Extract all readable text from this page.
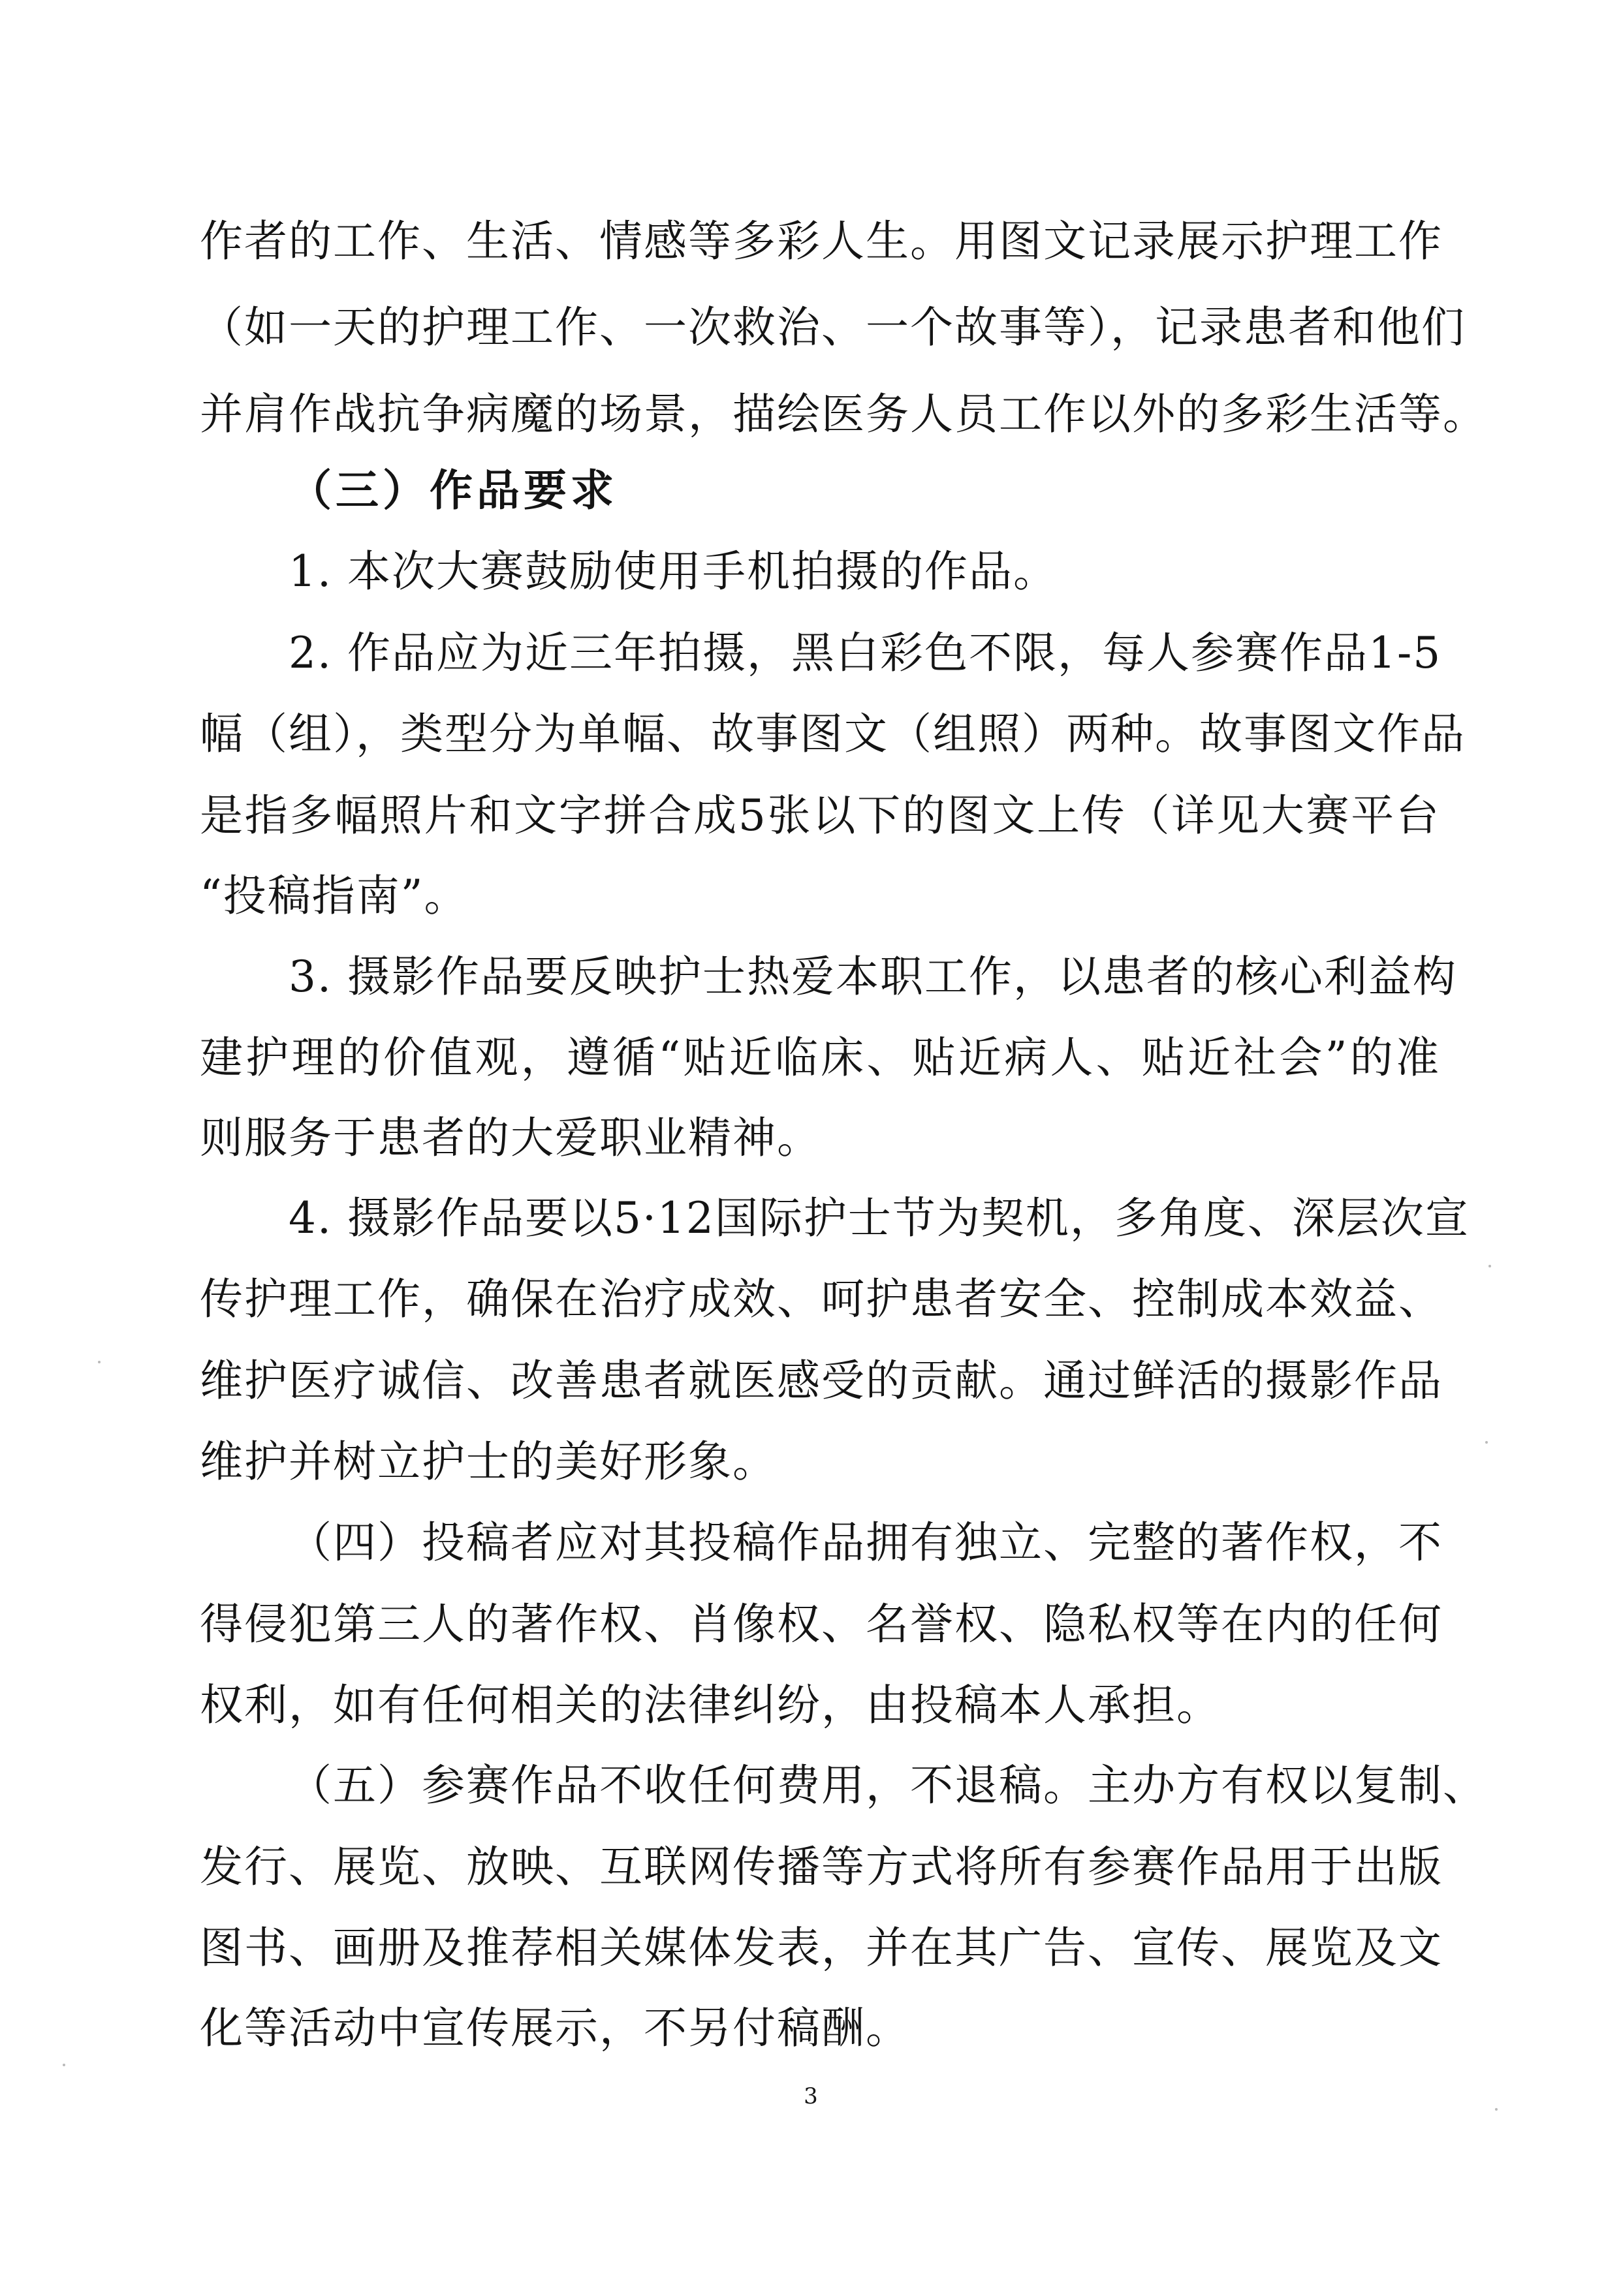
作者的工作、生活、情感等多彩人生。用图文记录展示护理工作
（如一天的护理工作、一次救治、一个故事等），记录患者和他们
并肩作战抗争病魔的场景，描绘医务人员工作以外的多彩生活等。
（三）作品要求
1. 本次大赛鼓励使用手机拍摄的作品。
2. 作品应为近三年拍摄，黑白彩色不限，每人参赛作品1-5
幅（组），类型分为单幅、故事图文（组照）两种。故事图文作品
是指多幅照片和文字拼合成5张以下的图文上传（详见大赛平台
“投稿指南”。
3. 摄影作品要反映护士热爱本职工作，以患者的核心利益构
建护理的价值观，遵循“贴近临床、贴近病人、贴近社会”的准
则服务于患者的大爱职业精神。
4. 摄影作品要以5·12国际护士节为契机，多角度、深层次宣
传护理工作，确保在治疗成效、呵护患者安全、控制成本效益、
维护医疗诚信、改善患者就医感受的贡献。通过鲜活的摄影作品
维护并树立护士的美好形象。
（四）投稿者应对其投稿作品拥有独立、完整的著作权，不
得侵犯第三人的著作权、肖像权、名誉权、隐私权等在内的任何
权利，如有任何相关的法律纠纷，由投稿本人承担。
（五）参赛作品不收任何费用，不退稿。主办方有权以复制、
发行、展览、放映、互联网传播等方式将所有参赛作品用于出版
图书、画册及推荐相关媒体发表，并在其广告、宣传、展览及文
化等活动中宣传展示，不另付稿酬。
3
